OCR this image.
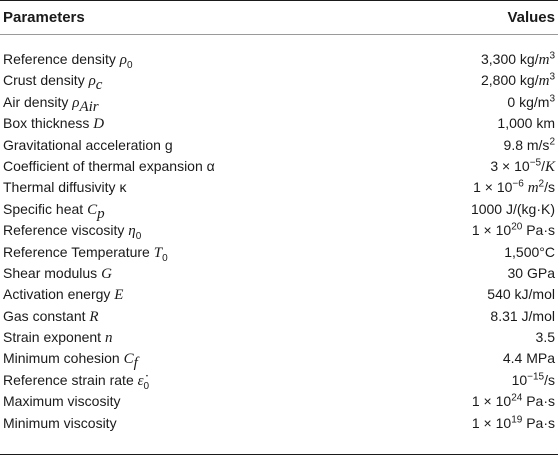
Parameters	Values
Reference density $\rho_0$	3,300 $kg/m^3$
Crust density $\rho_c$	2,800 $kg/m^3$
Air density $\rho_{Air}$	0 $kg/m^3$
Box thickness D	1,000 km
Gravitational acceleration g	9.8 $m/s^2$
Coefficient of thermal expansion α	$3 \times 10^{-5}/K$
Thermal diffusivity κ	$1 \times 10^{-6}$ $m^2/s$
Specific heat $C_p$	1000 J/(kg·K)
Reference viscosity $\eta_0$	$1 \times 10^{20}$ Pa·s
Reference Temperature $T_0$	1,500°C
Shear modulus G	30 GPa
Activation energy E	540 kJ/mol
Gas constant R	8.31 J/mol
Strain exponent n	3.5
Minimum cohesion $C_f$	4.4 MPa
Reference strain rate $\varepsiloṅ_0$	$10^{-15}/s$
Maximum viscosity	$1 \times 10^{24}$ Pa·s
Minimum viscosity	$1 \times 10^{19}$ Pa·s
